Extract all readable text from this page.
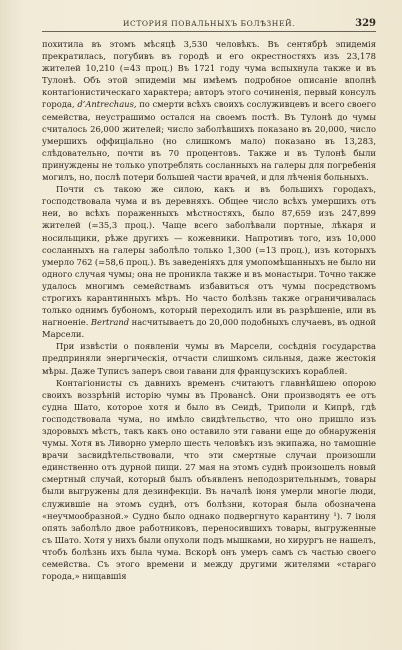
ИСТОРИЯ ПОВАЛЬНЫХЪ БОЛѢЗНЕЙ.	329

похитила въ этомъ мѣсяцѣ 3,530 человѣкъ. Въ сентябрѣ эпидемія прекратилась, погубивъ въ городѣ и его окрестностяхъ изъ 23,178 жителей 10,210 (=43 проц.) Въ 1721 году чума вспыхнула также и въ Тулонѣ. Объ этой эпидеміи мы имѣемъ подробное описаніе вполнѣ контагіонистическаго характера; авторъ этого сочиненія, первый консулъ города, d’Antrechaus, по смерти всѣхъ своихъ сослуживцевъ и всего своего семейства, неустрашимо остался на своемъ постѣ. Въ Тулонѣ до чумы считалось 26,000 жителей; число заболѣвшихъ показано въ 20,000, число умершихъ оффиціально (но слишкомъ мало) показано въ 13,283, слѣдовательно, почти въ 70 процентовъ. Также и въ Тулонѣ были принуждены не только употреблять сосланныхъ на галеры для погребенія могилъ, но, послѣ потери большей части врачей, и для лѣченія больныхъ.

Почти съ такою же силою, какъ и въ большихъ городахъ, господствовала чума и въ деревняхъ. Общее число всѣхъ умершихъ отъ неи, во всѣхъ пораженныхъ мѣстностяхъ, было 87,659 изъ 247,899 жителей (=35,3 проц.). Чаще всего заболѣвали портные, лѣкаря и носильщики, рѣже другихъ — кожевники. Напротивъ того, изъ 10,000 сосланныхъ на галеры заболѣло только 1,300 (=13 проц.), изъ которыхъ умерло 762 (=58,6 проц.). Въ заведеніяхъ для умопомѣшанныхъ не было ни одного случая чумы; она не проникла также и въ монастыри. Точно также удалось многимъ семействамъ избавиться отъ чумы посредствомъ строгихъ карантинныхъ мѣръ. Но часто болѣзнь также ограничивалась только однимъ бубономъ, который переходилъ или въ разрѣшеніе, или въ нагноеніе. Bertrand насчитываетъ до 20,000 подобныхъ случаевъ, въ одной Марсели.

При извѣстіи о появленіи чумы въ Марсели, сосѣднія государства предприняли энергическія, отчасти слишкомъ сильныя, даже жестокія мѣры. Даже Туписъ заперъ свои гавани для французскихъ кораблей.

Контагіонисты съ давнихъ временъ считаютъ главнѣйшею опорою своихъ воззрѣній исторію чумы въ Провансѣ. Они производятъ ее отъ судна Шато, которое хотя и было въ Сеидѣ, Триполи и Кипрѣ, гдѣ господствовала чума, но имѣло свидѣтельство, что оно пришло изъ здоровыхъ мѣстъ, такъ какъ оно оставило эти гавани еще до обнаруженія чумы. Хотя въ Ливорно умерло шесть человѣкъ изъ экипажа, но тамошніе врачи засвидѣтельствовали, что эти смертные случаи произошли единственно отъ дурной пищи. 27 мая на этомъ суднѣ произошелъ новый смертный случай, который былъ объявленъ неподозрительнымъ, товары были выгружены для дезинфекціи. Въ началѣ іюня умерли многіе люди, служившіе на этомъ суднѣ, отъ болѣзни, которая была обозначена «неучмообразной.» Судно было однако подвергнуто карантину ¹). 7 іюля опять заболѣло двое работниковъ, переносившихъ товары, выгруженные съ Шато. Хотя у нихъ были опухоли подъ мышками, но хирургъ не нашелъ, чтобъ болѣзнь ихъ была чума. Вскорѣ онъ умеръ самъ съ частью своего семейства. Съ этого времени и между другими жителями «стараго города,» нищавшія
